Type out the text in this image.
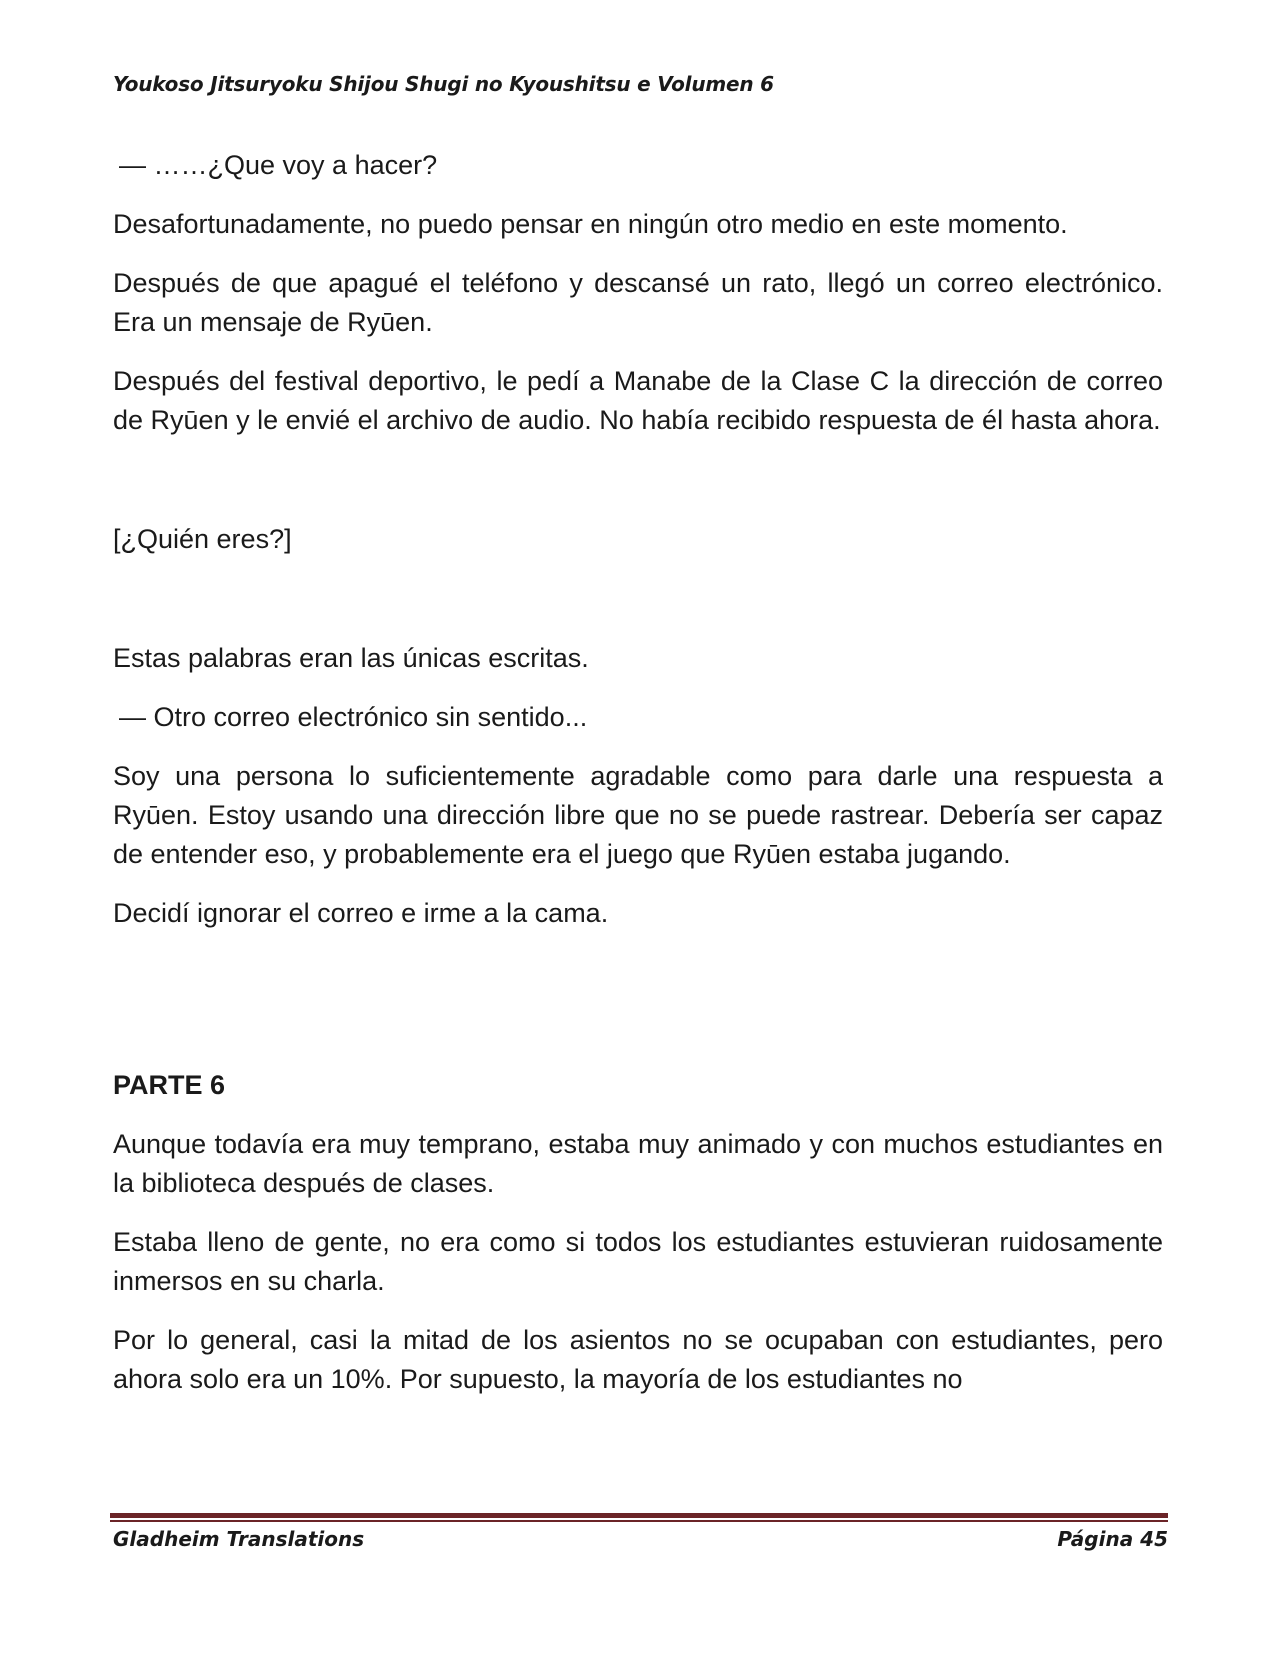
Youkoso Jitsuryoku Shijou Shugi no Kyoushitsu e Volumen 6

— ……¿Que voy a hacer?

Desafortunadamente, no puedo pensar en ningún otro medio en este momento.

Después de que apagué el teléfono y descansé un rato, llegó un correo electrónico. Era un mensaje de Ryūen.

Después del festival deportivo, le pedí a Manabe de la Clase C la dirección de correo de Ryūen y le envié el archivo de audio. No había recibido respuesta de él hasta ahora.

[¿Quién eres?]

Estas palabras eran las únicas escritas.

— Otro correo electrónico sin sentido...

Soy una persona lo suficientemente agradable como para darle una respuesta a Ryūen. Estoy usando una dirección libre que no se puede rastrear. Debería ser capaz de entender eso, y probablemente era el juego que Ryūen estaba jugando.

Decidí ignorar el correo e irme a la cama.

PARTE 6

Aunque todavía era muy temprano, estaba muy animado y con muchos estudiantes en la biblioteca después de clases.

Estaba lleno de gente, no era como si todos los estudiantes estuvieran ruidosamente inmersos en su charla.

Por lo general, casi la mitad de los asientos no se ocupaban con estudiantes, pero ahora solo era un 10%. Por supuesto, la mayoría de los estudiantes no

Gladheim Translations	Página 45
